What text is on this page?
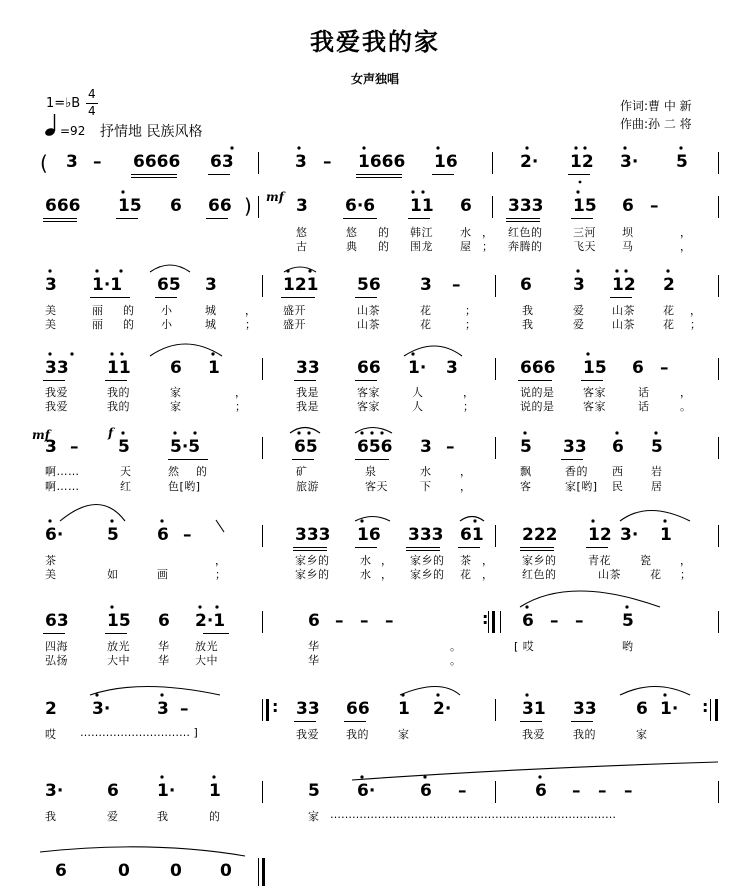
我爱我的家
女声独唱
作词:曹 中 新
作曲:孙 二 将
1=♭B
4
4
=92 抒情地 民族风格
( 3 – 6666 63	3 – 1666 16	2· 12 3· 5
666 15 6 66 ) mf 3 6·6 11 6 333 15 6 –
悠	悠 的 韩江 水 ， 红色的	三河 坝	，
古	典 的 围龙 屋 ； 奔腾的	飞天 马	，
3 1·1 65 3	121 56 3 –	6 3 12 2
美	丽 的 小	城	， 盛开	山茶	花	；	我	爱	山茶	花 ，
美	丽 的 小	城	； 盛开	山茶	花	；	我	爱	山茶	花 ；
33 11 6 1	33 66 1· 3	666 15 6 –
我爱	我的	家	，	我是	客家	人	，	说的是	客家	话	，
我爱	我的	家	；	我是	客家	人	；	说的是	客家	话	。
mf
3 –
f
5 5·5	65 656 3 –	5 33 6 5
啊……	天	然 的	矿	泉	水	，	飘	香的 西	岩
啊……	红	色[哟]	旅游	客天	下	，	客	家[哟] 民	居
6·	5 6 –	333 16 333 61 222 12 3· 1
茶	，	家乡的	水 ， 家乡的 茶 ，	家乡的	青花	瓷	，
美	如	画	；	家乡的	水 ， 家乡的 花 ，	红色的	山茶	花 ；
63 15 6 2·1	6 – – –	: 6 – – 5
四海	放光	华 放光	华	。	[ 哎	哟
弘扬	大中	华 大中	华	。
2 3·	3 –	: 33 66 1 2·	31 33 6 1· :
哎 ………………………… ]	我爱 我的	家	我爱	我的	家
3·	6 1· 1	5 6·	6 –	6 – – –
我	爱	我	的	家 ……………………………………………………………………
6	0 0 0
